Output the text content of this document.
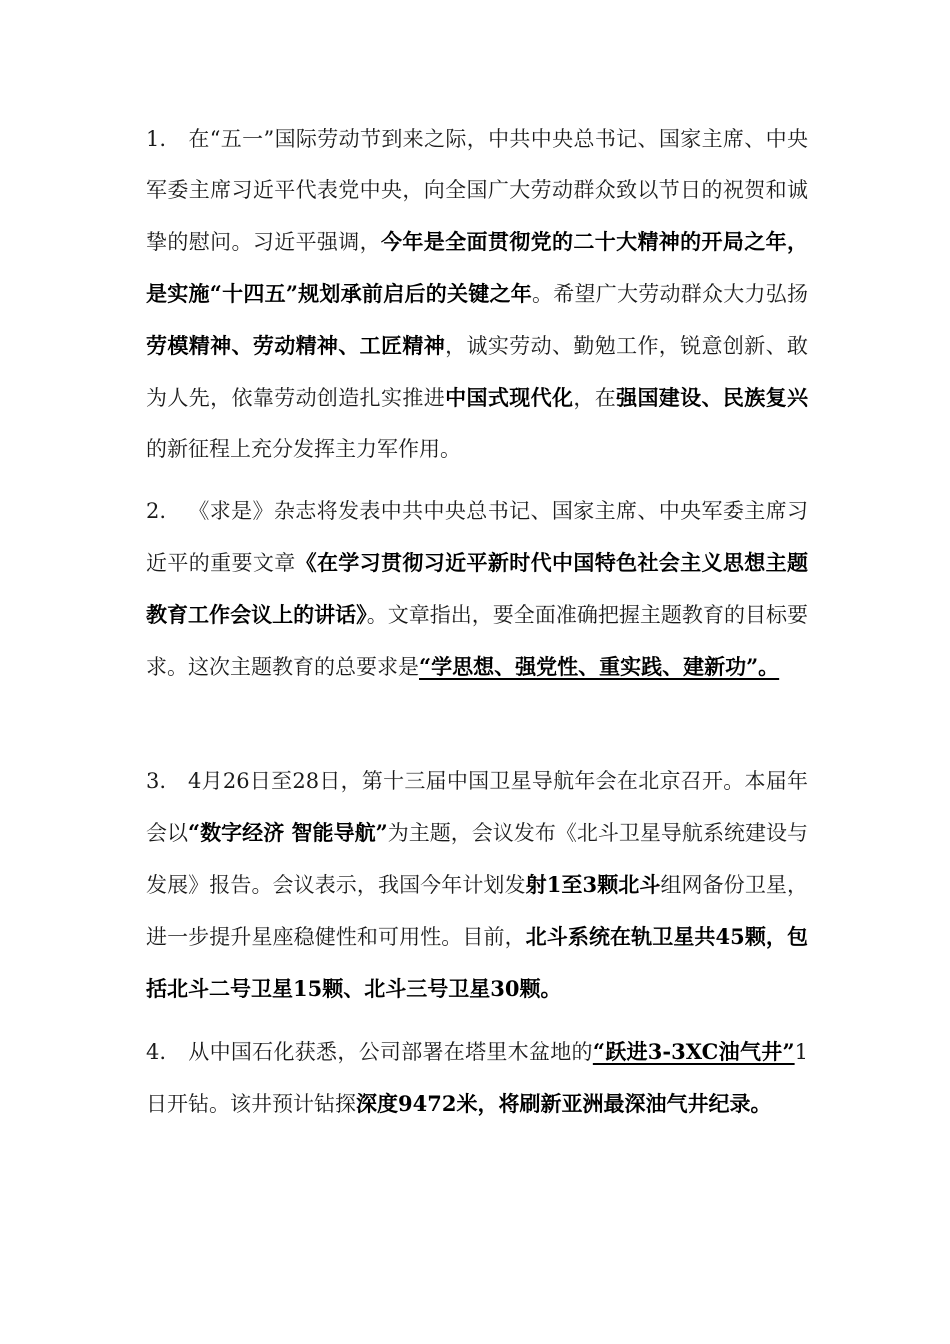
1. 在“五一”国际劳动节到来之际，中共中央总书记、国家主席、中央军委主席习近平代表党中央，向全国广大劳动群众致以节日的祝贺和诚挚的慰问。习近平强调，今年是全面贯彻党的二十大精神的开局之年，是实施“十四五”规划承前启后的关键之年。希望广大劳动群众大力弘扬劳模精神、劳动精神、工匠精神，诚实劳动、勤勉工作，锐意创新、敢为人先，依靠劳动创造扎实推进中国式现代化，在强国建设、民族复兴的新征程上充分发挥主力军作用。

2. 《求是》杂志将发表中共中央总书记、国家主席、中央军委主席习近平的重要文章《在学习贯彻习近平新时代中国特色社会主义思想主题教育工作会议上的讲话》。文章指出，要全面准确把握主题教育的目标要求。这次主题教育的总要求是“学思想、强党性、重实践、建新功”。

3. 4月26日至28日，第十三届中国卫星导航年会在北京召开。本届年会以“数字经济 智能导航”为主题，会议发布《北斗卫星导航系统建设与发展》报告。会议表示，我国今年计划发射1至3颗北斗组网备份卫星，进一步提升星座稳健性和可用性。目前，北斗系统在轨卫星共45颗，包括北斗二号卫星15颗、北斗三号卫星30颗。

4. 从中国石化获悉，公司部署在塔里木盆地的“跃进3-3XC油气井”1日开钻。该井预计钻探深度9472米，将刷新亚洲最深油气井纪录。
